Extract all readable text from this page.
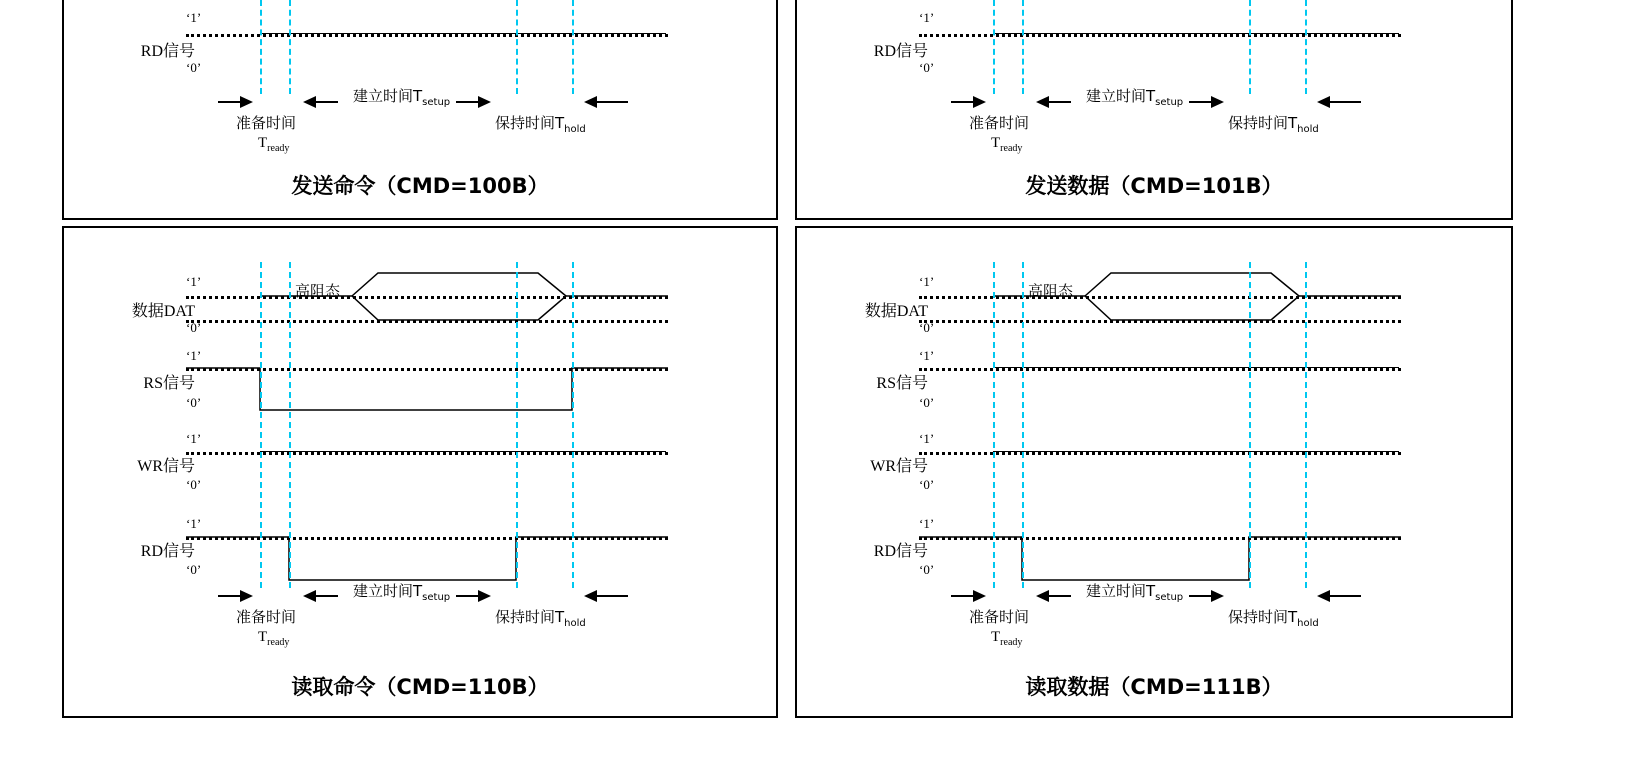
RD信号
‘1’
‘0’
准备时间
$T_{ready}$
建立时间$T_{setup}$
保持时间$T_{hold}$
发送命令（CMD=100B）
RD信号
‘1’
‘0’
准备时间
$T_{ready}$
建立时间$T_{setup}$
保持时间$T_{hold}$
发送数据（CMD=101B）
数据DAT
‘1’
‘0’
高阻态
RS信号
‘1’
‘0’
WR信号
‘1’
‘0’
RD信号
‘1’
‘0’
准备时间
$T_{ready}$
建立时间$T_{setup}$
保持时间$T_{hold}$
读取命令（CMD=110B）
数据DAT
‘1’
‘0’
高阻态
RS信号
‘1’
‘0’
WR信号
‘1’
‘0’
RD信号
‘1’
‘0’
准备时间
$T_{ready}$
建立时间$T_{setup}$
保持时间$T_{hold}$
读取数据（CMD=111B）
